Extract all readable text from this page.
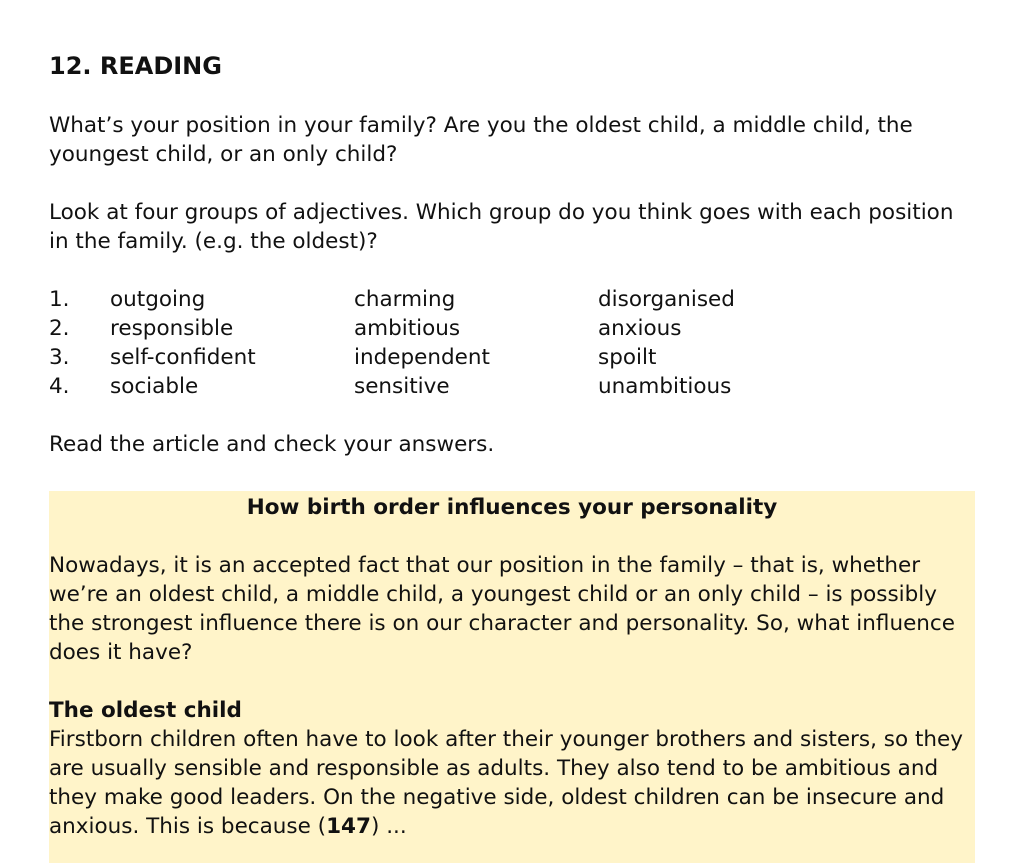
12. READING

What’s your position in your family? Are you the oldest child, a middle child, the youngest child, or an only child?

Look at four groups of adjectives. Which group do you think goes with each position in the family. (e.g. the oldest)?

1.	outgoing	charming	disorganised
2.	responsible	ambitious	anxious
3.	self-confident	independent	spoilt
4.	sociable	sensitive	unambitious

Read the article and check your answers.

How birth order influences your personality

Nowadays, it is an accepted fact that our position in the family – that is, whether we’re an oldest child, a middle child, a youngest child or an only child – is possibly the strongest influence there is on our character and personality. So, what influence does it have?

The oldest child

Firstborn children often have to look after their younger brothers and sisters, so they are usually sensible and responsible as adults. They also tend to be ambitious and they make good leaders. On the negative side, oldest children can be insecure and anxious. This is because (147) ...
